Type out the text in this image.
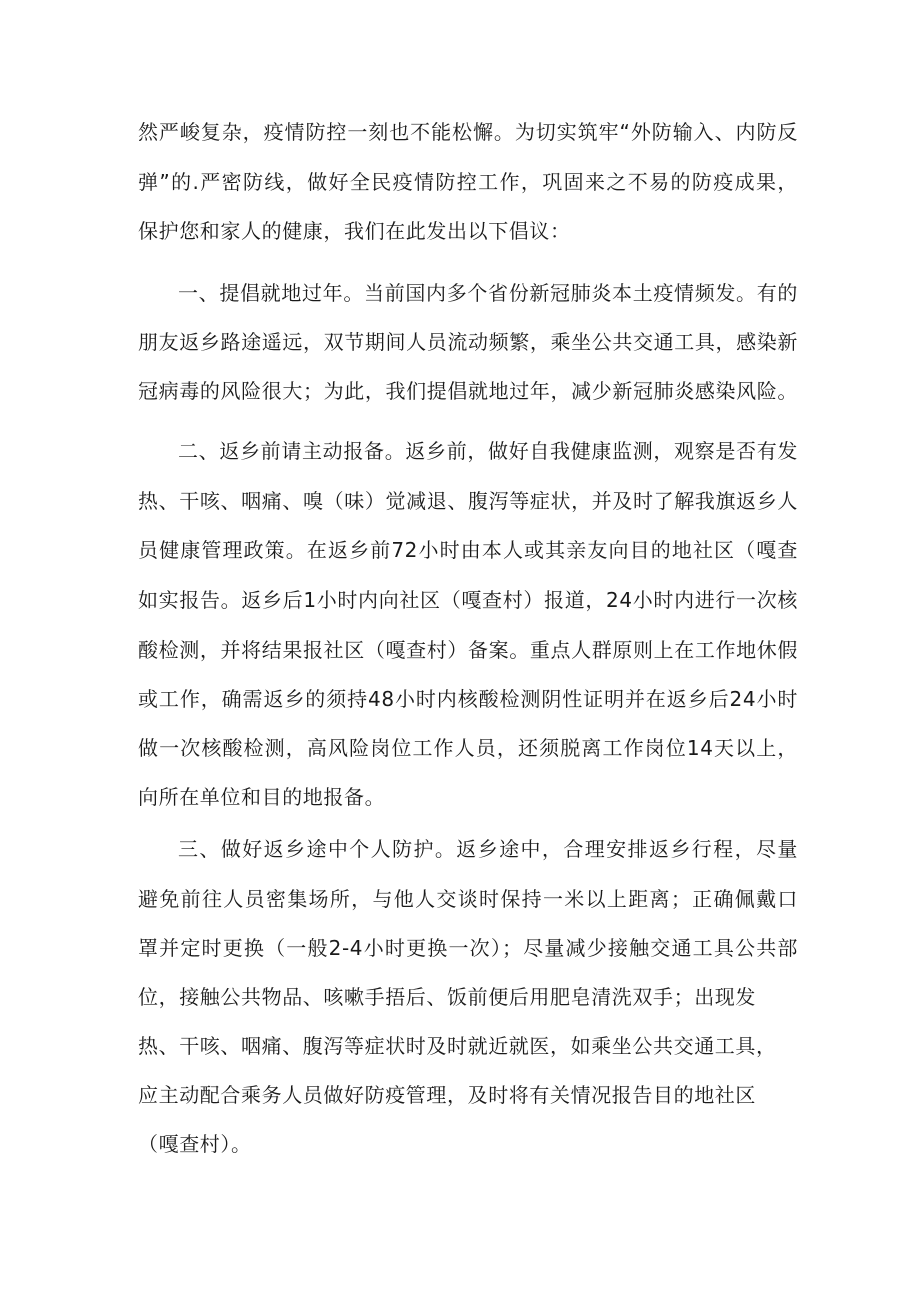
然严峻复杂，疫情防控一刻也不能松懈。为切实筑牢“外防输入、内防反
弹”的.严密防线，做好全民疫情防控工作，巩固来之不易的防疫成果，
保护您和家人的健康，我们在此发出以下倡议：
一、提倡就地过年。当前国内多个省份新冠肺炎本土疫情频发。有的
朋友返乡路途遥远，双节期间人员流动频繁，乘坐公共交通工具，感染新
冠病毒的风险很大；为此，我们提倡就地过年，减少新冠肺炎感染风险。
二、返乡前请主动报备。返乡前，做好自我健康监测，观察是否有发
热、干咳、咽痛、嗅（味）觉减退、腹泻等症状，并及时了解我旗返乡人
员健康管理政策。在返乡前72小时由本人或其亲友向目的地社区（嘎查
如实报告。返乡后1小时内向社区（嘎查村）报道，24小时内进行一次核
酸检测，并将结果报社区（嘎查村）备案。重点人群原则上在工作地休假
或工作，确需返乡的须持48小时内核酸检测阴性证明并在返乡后24小时
做一次核酸检测，高风险岗位工作人员，还须脱离工作岗位14天以上，
向所在单位和目的地报备。
三、做好返乡途中个人防护。返乡途中，合理安排返乡行程，尽量
避免前往人员密集场所，与他人交谈时保持一米以上距离；正确佩戴口
罩并定时更换（一般2-4小时更换一次）；尽量减少接触交通工具公共部
位，接触公共物品、咳嗽手捂后、饭前便后用肥皂清洗双手；出现发
热、干咳、咽痛、腹泻等症状时及时就近就医，如乘坐公共交通工具，
应主动配合乘务人员做好防疫管理，及时将有关情况报告目的地社区
（嘎查村）。
